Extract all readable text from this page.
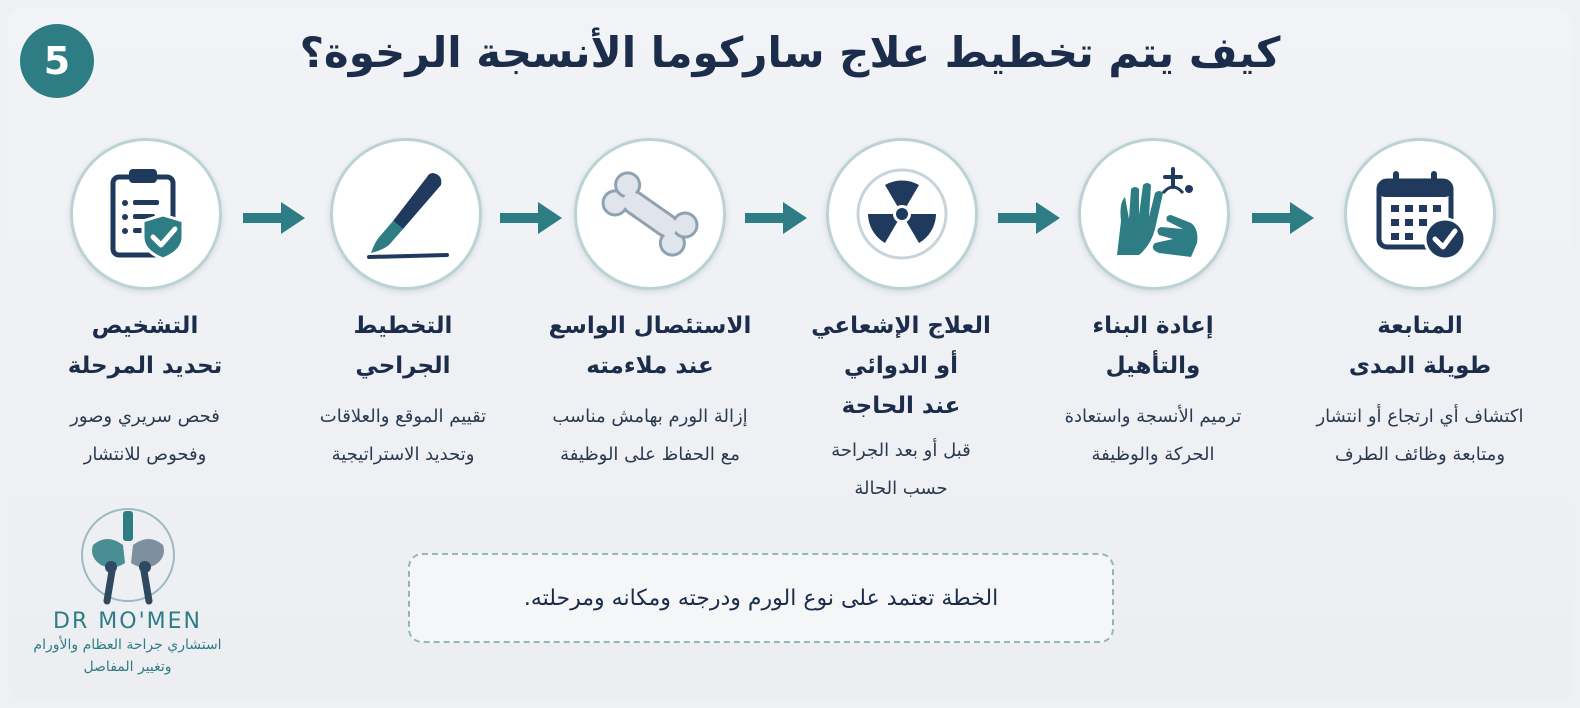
5	كيف يتم تخطيط علاج ساركوما الأنسجة الرخوة؟
التشخيص
تحديد المرحلة
فحص سريري وصور
وفحوص للانتشار
التخطيط
الجراحي
تقييم الموقع والعلاقات
وتحديد الاستراتيجية
الاستئصال الواسع
عند ملاءمته
إزالة الورم بهامش مناسب
مع الحفاظ على الوظيفة
العلاج الإشعاعي
أو الدوائي
عند الحاجة
قبل أو بعد الجراحة
حسب الحالة
إعادة البناء
والتأهيل
ترميم الأنسجة واستعادة
الحركة والوظيفة
المتابعة
طويلة المدى
اكتشاف أي ارتجاع أو انتشار
ومتابعة وظائف الطرف
الخطة تعتمد على نوع الورم ودرجته ومكانه ومرحلته.
DR MO'MEN
استشاري جراحة العظام والأورام
وتغيير المفاصل
